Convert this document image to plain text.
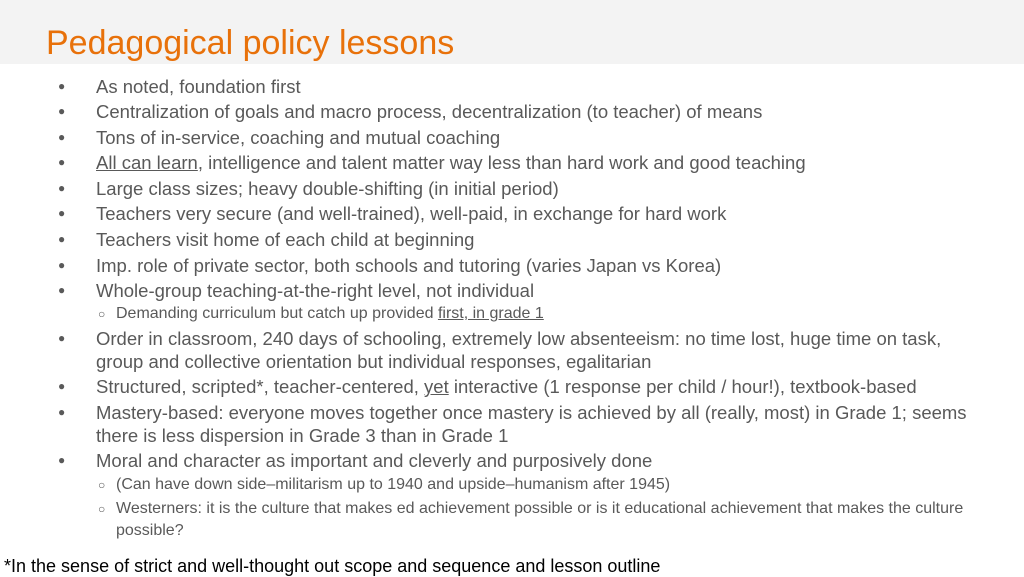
Pedagogical policy lessons
● As noted, foundation first
● Centralization of goals and macro process, decentralization (to teacher) of means
● Tons of in-service, coaching and mutual coaching
● All can learn, intelligence and talent matter way less than hard work and good teaching
● Large class sizes; heavy double-shifting (in initial period)
● Teachers very secure (and well-trained), well-paid, in exchange for hard work
● Teachers visit home of each child at beginning
● Imp. role of private sector, both schools and tutoring (varies Japan vs Korea)
● Whole-group teaching-at-the-right level, not individual
○ Demanding curriculum but catch up provided first, in grade 1
● Order in classroom, 240 days of schooling, extremely low absenteeism: no time lost, huge time on task, group and collective orientation but individual responses, egalitarian
● Structured, scripted*, teacher-centered, yet interactive (1 response per child / hour!), textbook-based
● Mastery-based: everyone moves together once mastery is achieved by all (really, most) in Grade 1; seems there is less dispersion in Grade 3 than in Grade 1
● Moral and character as important and cleverly and purposively done
○ (Can have down side–militarism up to 1940 and upside–humanism after 1945)
○ Westerners: it is the culture that makes ed achievement possible or is it educational achievement that makes the culture possible?
*In the sense of strict and well-thought out scope and sequence and lesson outline
